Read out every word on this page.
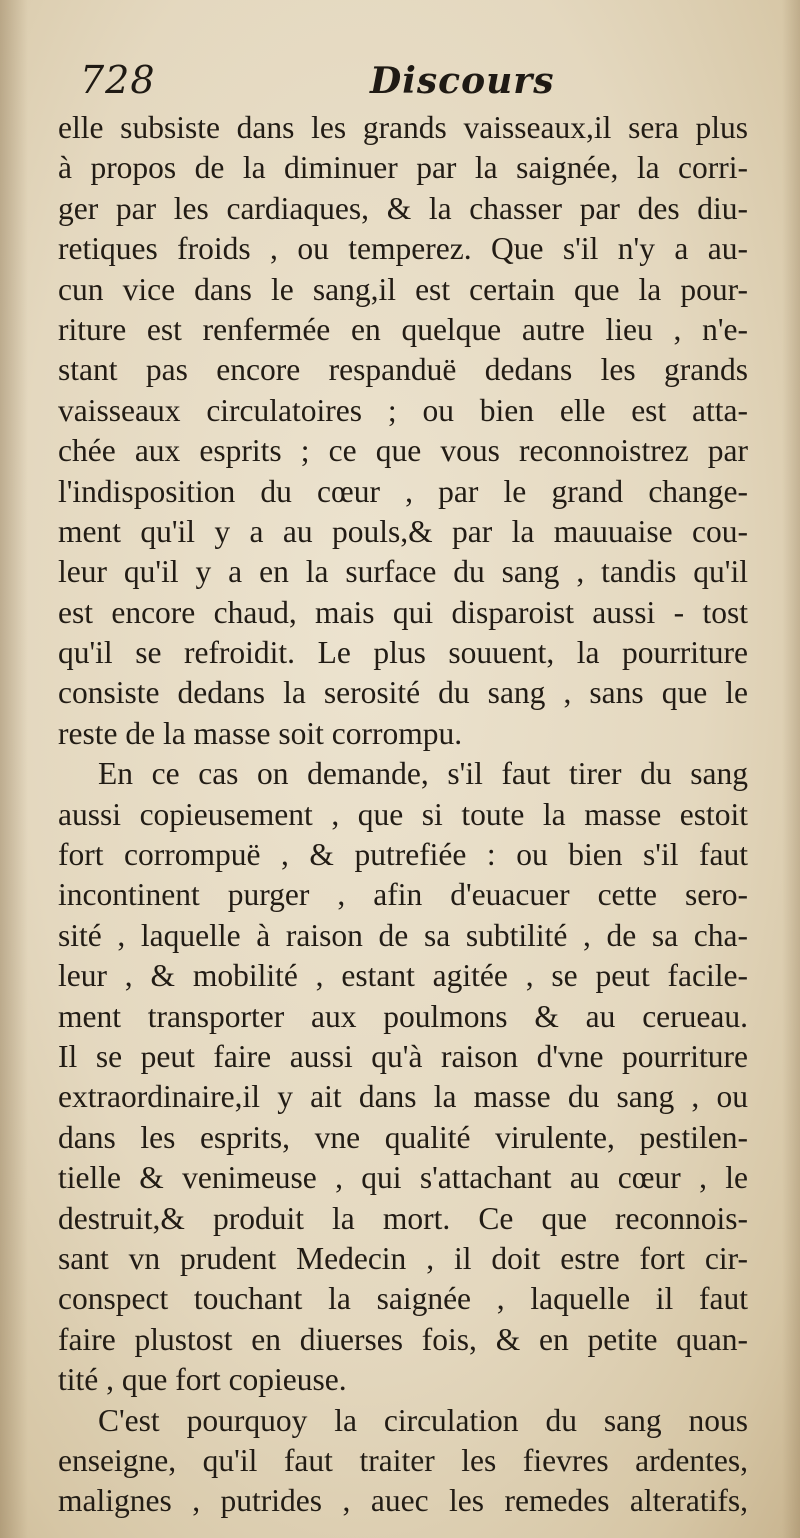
728	Discours
elle subsiste dans les grands vaisseaux,il sera plus
à propos de la diminuer par la saignée, la corri-
ger par les cardiaques, & la chasser par des diu-
retiques froids , ou temperez. Que s'il n'y a au-
cun vice dans le sang,il est certain que la pour-
riture est renfermée en quelque autre lieu , n'e-
stant pas encore respanduë dedans les grands
vaisseaux circulatoires ; ou bien elle est atta-
chée aux esprits ; ce que vous reconnoistrez par
l'indisposition du cœur , par le grand change-
ment qu'il y a au pouls,& par la mauuaise cou-
leur qu'il y a en la surface du sang , tandis qu'il
est encore chaud, mais qui disparoist aussi - tost
qu'il se refroidit. Le plus souuent, la pourriture
consiste dedans la serosité du sang , sans que le
reste de la masse soit corrompu.
En ce cas on demande, s'il faut tirer du sang
aussi copieusement , que si toute la masse estoit
fort corrompuë , & putrefiée : ou bien s'il faut
incontinent purger , afin d'euacuer cette sero-
sité , laquelle à raison de sa subtilité , de sa cha-
leur , & mobilité , estant agitée , se peut facile-
ment transporter aux poulmons & au cerueau.
Il se peut faire aussi qu'à raison d'vne pourriture
extraordinaire,il y ait dans la masse du sang , ou
dans les esprits, vne qualité virulente, pestilen-
tielle & venimeuse , qui s'attachant au cœur , le
destruit,& produit la mort. Ce que reconnois-
sant vn prudent Medecin , il doit estre fort cir-
conspect touchant la saignée , laquelle il faut
faire plustost en diuerses fois, & en petite quan-
tité , que fort copieuse.
C'est pourquoy la circulation du sang nous
enseigne, qu'il faut traiter les fievres ardentes,
malignes , putrides , auec les remedes alteratifs,
